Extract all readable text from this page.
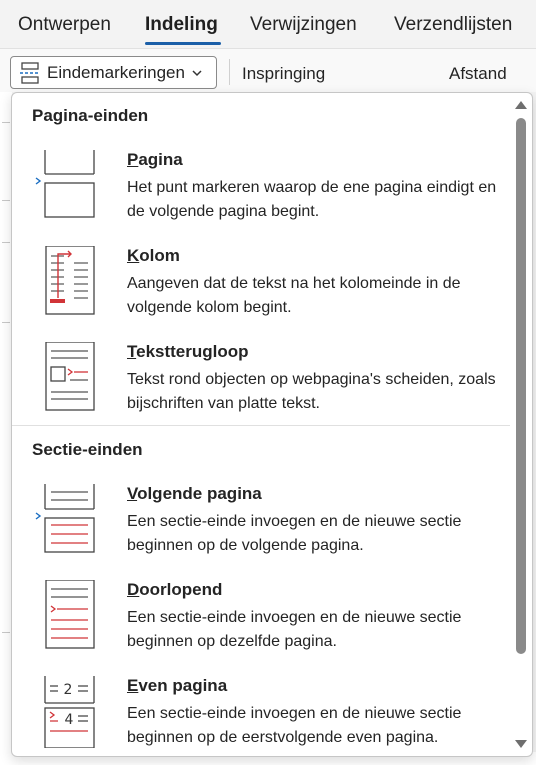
Ontwerpen Indeling Verwijzingen Verzendlijsten
Eindemarkeringen	Inspringing	Afstand
Pagina-einden
Pagina
Het punt markeren waarop de ene pagina eindigt en de volgende pagina begint.
Kolom
Aangeven dat de tekst na het kolomeinde in de volgende kolom begint.
Tekstterugloop
Tekst rond objecten op webpagina's scheiden, zoals bijschriften van platte tekst.
Sectie-einden
Volgende pagina
Een sectie-einde invoegen en de nieuwe sectie beginnen op de volgende pagina.
Doorlopend
Een sectie-einde invoegen en de nieuwe sectie beginnen op dezelfde pagina.
2
4
Even pagina
Een sectie-einde invoegen en de nieuwe sectie beginnen op de eerstvolgende even pagina.
